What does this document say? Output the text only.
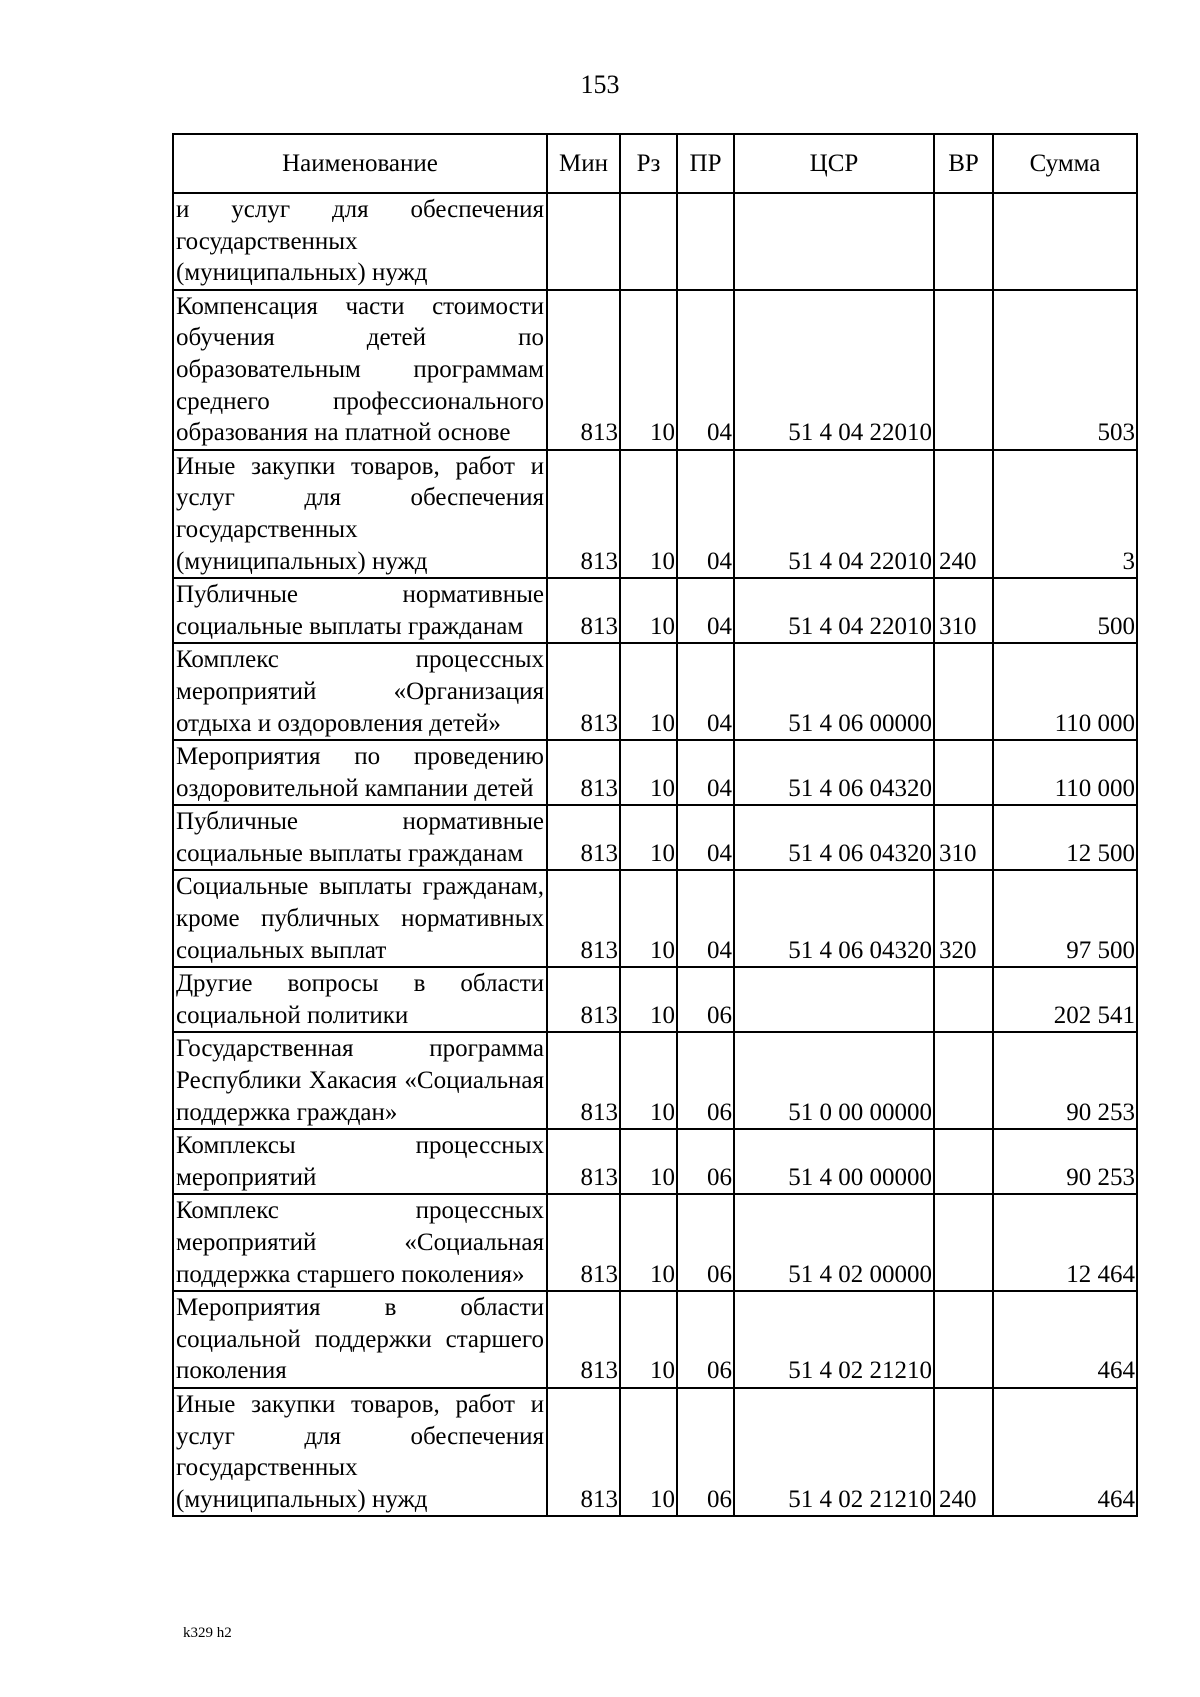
153
Наименование	Мин	Рз	ПР	ЦСР	ВР	Сумма
и услуг для обеспечения государственных (муниципальных) нужд						
Компенсация части стоимости обучения детей по образовательным программам среднего профессионального образования на платной основе	813	10	04	51 4 04 22010		503
Иные закупки товаров, работ и услуг для обеспечения государственных (муниципальных) нужд	813	10	04	51 4 04 22010	240	3
Публичные нормативные социальные выплаты гражданам	813	10	04	51 4 04 22010	310	500
Комплекс процессных мероприятий «Организация отдыха и оздоровления детей»	813	10	04	51 4 06 00000		110 000
Мероприятия по проведению оздоровительной кампании детей	813	10	04	51 4 06 04320		110 000
Публичные нормативные социальные выплаты гражданам	813	10	04	51 4 06 04320	310	12 500
Социальные выплаты гражданам, кроме публичных нормативных социальных выплат	813	10	04	51 4 06 04320	320	97 500
Другие вопросы в области социальной политики	813	10	06			202 541
Государственная программа Республики Хакасия «Социальная поддержка граждан»	813	10	06	51 0 00 00000		90 253
Комплексы процессных мероприятий	813	10	06	51 4 00 00000		90 253
Комплекс процессных мероприятий «Социальная поддержка старшего поколения»	813	10	06	51 4 02 00000		12 464
Мероприятия в области социальной поддержки старшего поколения	813	10	06	51 4 02 21210		464
Иные закупки товаров, работ и услуг для обеспечения государственных (муниципальных) нужд	813	10	06	51 4 02 21210	240	464
k329 h2
